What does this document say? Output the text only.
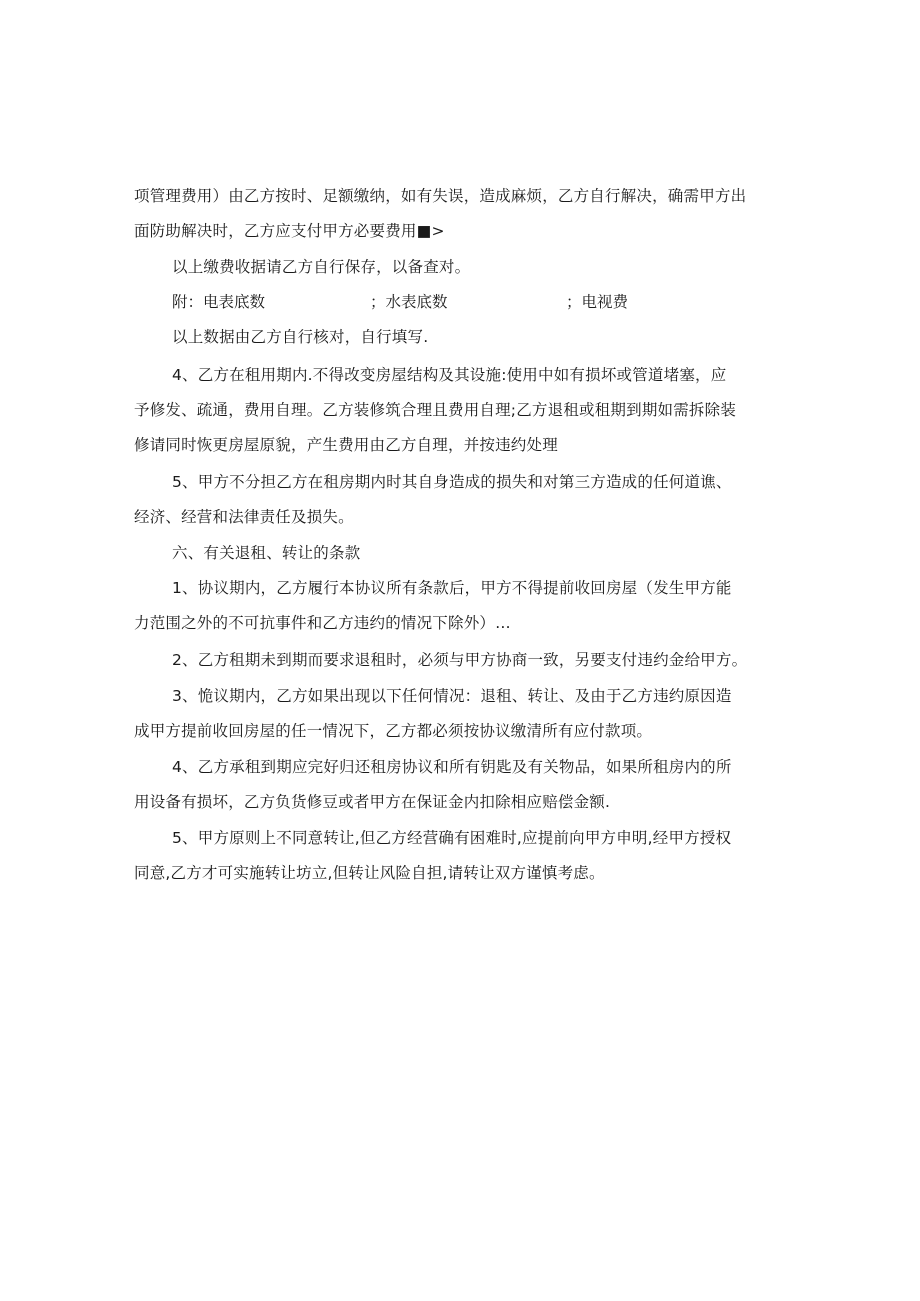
项管理费用）由乙方按时、足额缴纳，如有失误，造成麻烦，乙方自行解决，确需甲方出
面防助解决时，乙方应支付甲方必要费用■>
以上缴费收据请乙方自行保存，以备查对。
附：电表底数	；水表底数	；电视费
以上数据由乙方自行核对，自行填写.
4、乙方在租用期内.不得改变房屋结构及其设施:使用中如有损坏或管道堵塞，应
予修发、疏通，费用自理。乙方装修筑合理且费用自理;乙方退租或租期到期如需拆除装
修请同时恢更房屋原貌，产生费用由乙方自理，并按违约处理
5、甲方不分担乙方在租房期内时其自身造成的损失和对第三方造成的任何道谯、
经济、经营和法律责任及损失。
六、有关退租、转让的条款
1、协议期内，乙方履行本协议所有条款后，甲方不得提前收回房屋（发生甲方能
力范围之外的不可抗事件和乙方违约的情况下除外）…
2、乙方租期未到期而要求退租时，必须与甲方协商一致，另要支付违约金给甲方。
3、恑议期内，乙方如果出现以下任何情况：退租、转让、及由于乙方违约原因造
成甲方提前收回房屋的任一情况下，乙方都必须按协议缴清所有应付款项。
4、乙方承租到期应完好归还租房协议和所有钥匙及有关物品，如果所租房内的所
用设备有损坏，乙方负货修豆或者甲方在保证金内扣除相应赔偿金额.
5、甲方原则上不同意转让,但乙方经营确有困难时,应提前向甲方申明,经甲方授权
同意,乙方才可实施转让坊立,但转让风险自担,请转让双方谨慎考虑。
